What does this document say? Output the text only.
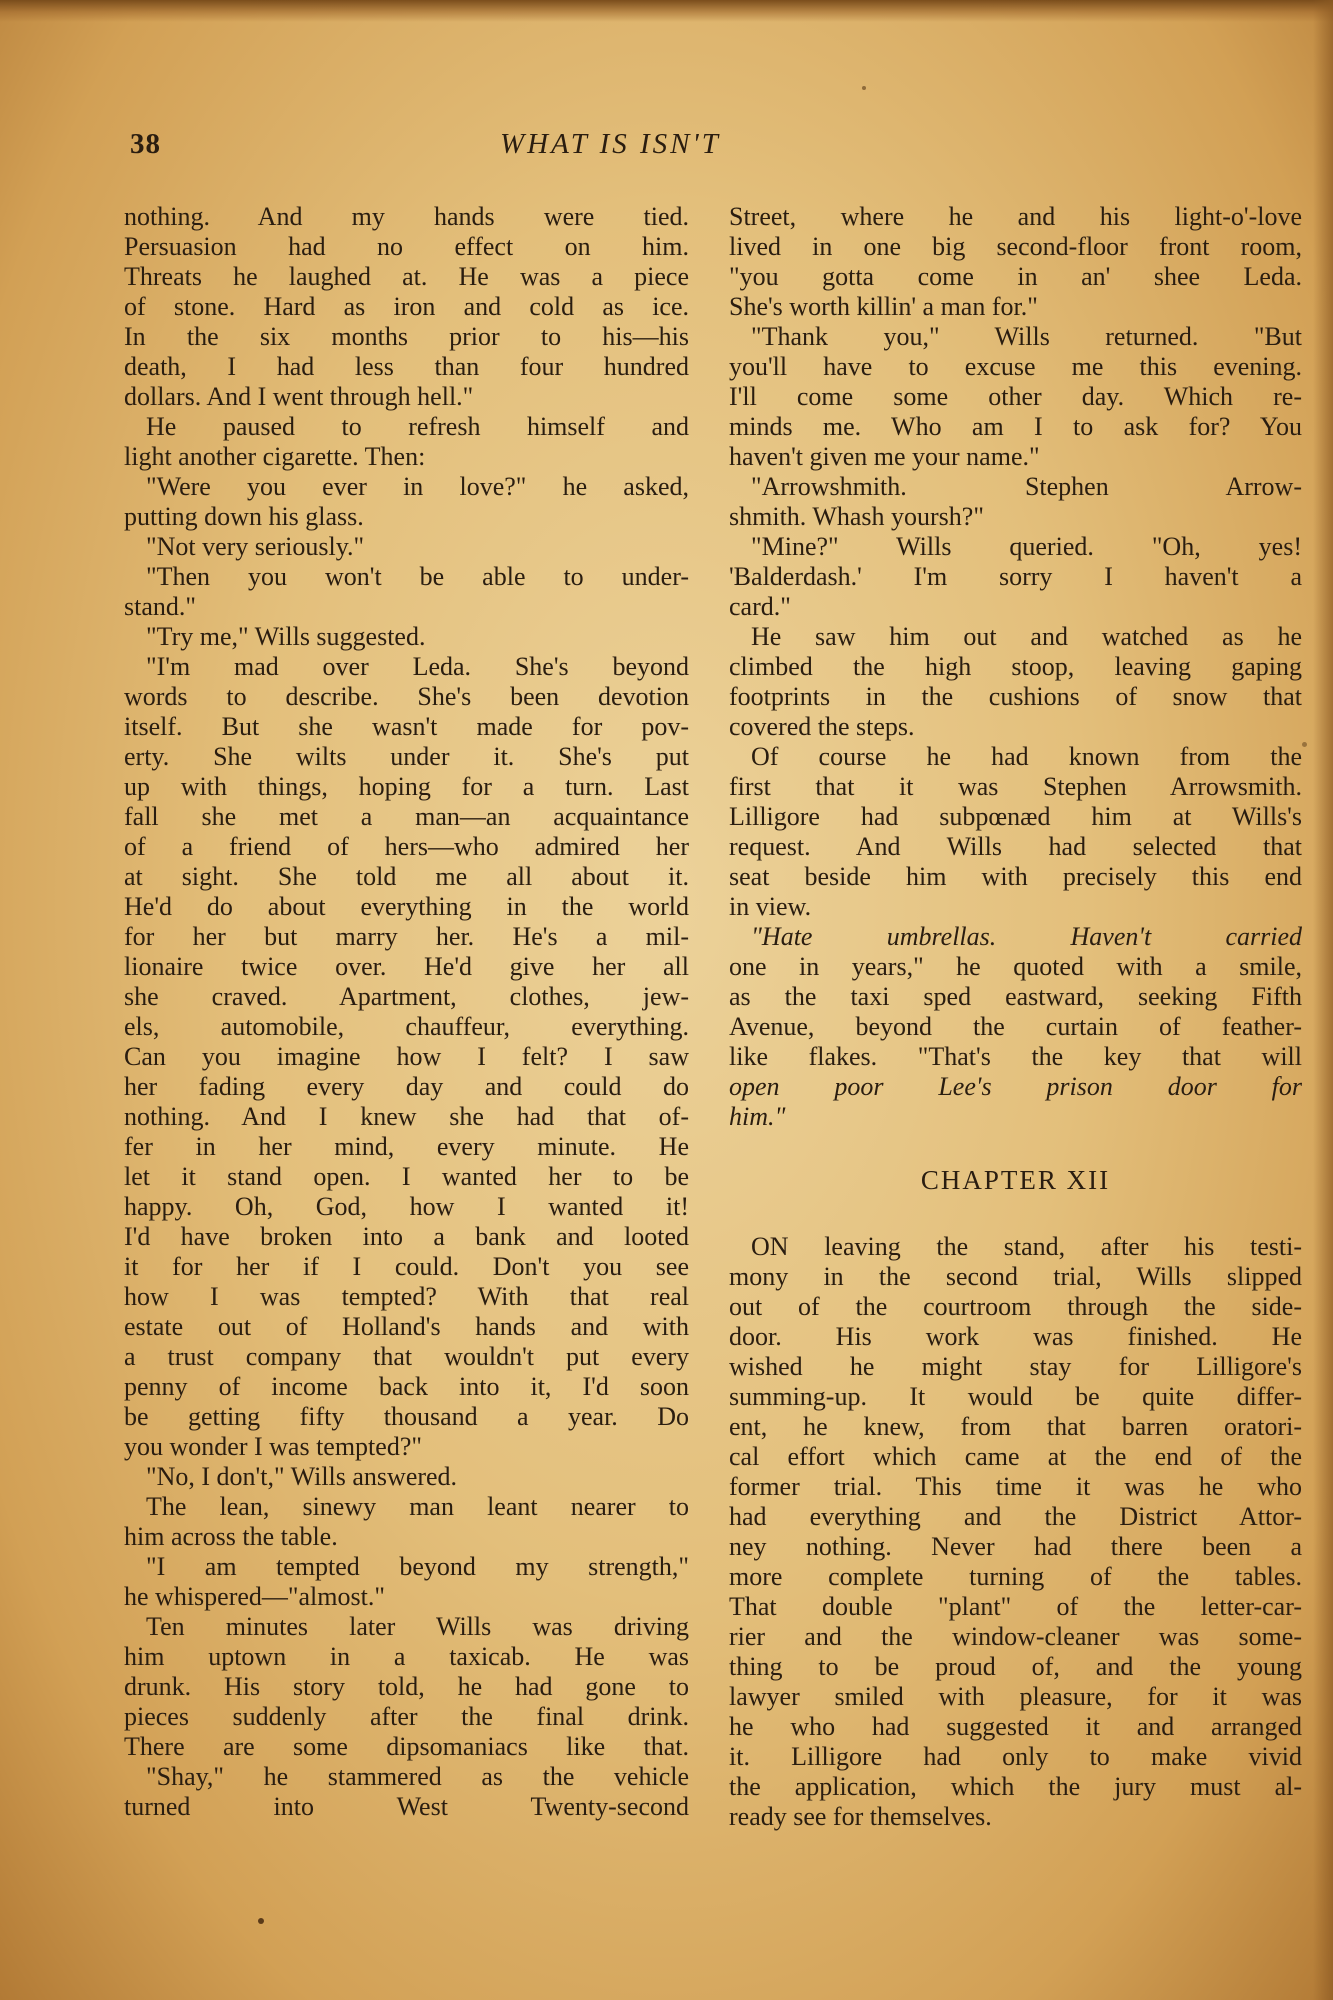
38	WHAT IS ISN'T
nothing. And my hands were tied.
Persuasion had no effect on him.
Threats he laughed at. He was a piece
of stone. Hard as iron and cold as ice.
In the six months prior to his—his
death, I had less than four hundred
dollars. And I went through hell."
He paused to refresh himself and
light another cigarette. Then:
"Were you ever in love?" he asked,
putting down his glass.
"Not very seriously."
"Then you won't be able to under-
stand."
"Try me," Wills suggested.
"I'm mad over Leda. She's beyond
words to describe. She's been devotion
itself. But she wasn't made for pov-
erty. She wilts under it. She's put
up with things, hoping for a turn. Last
fall she met a man—an acquaintance
of a friend of hers—who admired her
at sight. She told me all about it.
He'd do about everything in the world
for her but marry her. He's a mil-
lionaire twice over. He'd give her all
she craved. Apartment, clothes, jew-
els, automobile, chauffeur, everything.
Can you imagine how I felt? I saw
her fading every day and could do
nothing. And I knew she had that of-
fer in her mind, every minute. He
let it stand open. I wanted her to be
happy. Oh, God, how I wanted it!
I'd have broken into a bank and looted
it for her if I could. Don't you see
how I was tempted? With that real
estate out of Holland's hands and with
a trust company that wouldn't put every
penny of income back into it, I'd soon
be getting fifty thousand a year. Do
you wonder I was tempted?"
"No, I don't," Wills answered.
The lean, sinewy man leant nearer to
him across the table.
"I am tempted beyond my strength,"
he whispered—"almost."
Ten minutes later Wills was driving
him uptown in a taxicab. He was
drunk. His story told, he had gone to
pieces suddenly after the final drink.
There are some dipsomaniacs like that.
"Shay," he stammered as the vehicle
turned into West Twenty-second
Street, where he and his light-o'-love
lived in one big second-floor front room,
"you gotta come in an' shee Leda.
She's worth killin' a man for."
"Thank you," Wills returned. "But
you'll have to excuse me this evening.
I'll come some other day. Which re-
minds me. Who am I to ask for? You
haven't given me your name."
"Arrowshmith. Stephen Arrow-
shmith. Whash yoursh?"
"Mine?" Wills queried. "Oh, yes!
'Balderdash.' I'm sorry I haven't a
card."
He saw him out and watched as he
climbed the high stoop, leaving gaping
footprints in the cushions of snow that
covered the steps.
Of course he had known from the
first that it was Stephen Arrowsmith.
Lilligore had subpœnæd him at Wills's
request. And Wills had selected that
seat beside him with precisely this end
in view.
"Hate umbrellas. Haven't carried
one in years," he quoted with a smile,
as the taxi sped eastward, seeking Fifth
Avenue, beyond the curtain of feather-
like flakes. "That's the key that will
open poor Lee's prison door for
him."
CHAPTER XII
ON leaving the stand, after his testi-
mony in the second trial, Wills slipped
out of the courtroom through the side-
door. His work was finished. He
wished he might stay for Lilligore's
summing-up. It would be quite differ-
ent, he knew, from that barren oratori-
cal effort which came at the end of the
former trial. This time it was he who
had everything and the District Attor-
ney nothing. Never had there been a
more complete turning of the tables.
That double "plant" of the letter-car-
rier and the window-cleaner was some-
thing to be proud of, and the young
lawyer smiled with pleasure, for it was
he who had suggested it and arranged
it. Lilligore had only to make vivid
the application, which the jury must al-
ready see for themselves.
